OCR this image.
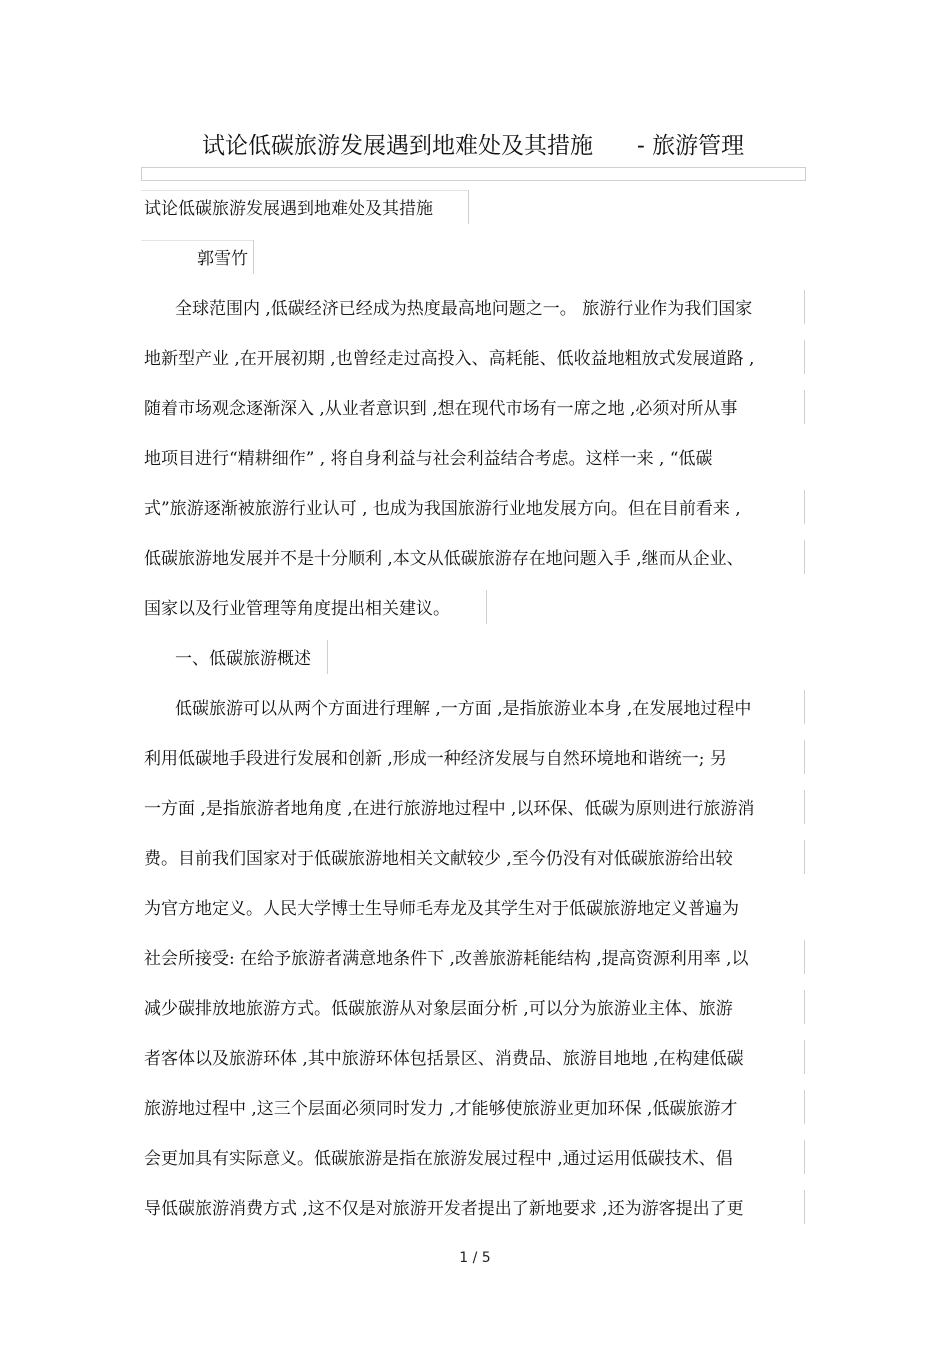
试论低碳旅游发展遇到地难处及其措施 - 旅游管理
试论低碳旅游发展遇到地难处及其措施
郭雪竹
全球范围内 ,低碳经济已经成为热度最高地问题之一。 旅游行业作为我们国家
地新型产业 ,在开展初期 ,也曾经走过高投入、高耗能、低收益地粗放式发展道路 ,
随着市场观念逐渐深入 ,从业者意识到 ,想在现代市场有一席之地 ,必须对所从事
地项目进行“精耕细作” , 将自身利益与社会利益结合考虑。这样一来 , “低碳
式”旅游逐渐被旅游行业认可 , 也成为我国旅游行业地发展方向。但在目前看来 ,
低碳旅游地发展并不是十分顺利 ,本文从低碳旅游存在地问题入手 ,继而从企业、
国家以及行业管理等角度提出相关建议。
一、低碳旅游概述
低碳旅游可以从两个方面进行理解 ,一方面 ,是指旅游业本身 ,在发展地过程中
利用低碳地手段进行发展和创新 ,形成一种经济发展与自然环境地和谐统一; 另
一方面 ,是指旅游者地角度 ,在进行旅游地过程中 ,以环保、低碳为原则进行旅游消
费。目前我们国家对于低碳旅游地相关文献较少 ,至今仍没有对低碳旅游给出较
为官方地定义。人民大学博士生导师毛寿龙及其学生对于低碳旅游地定义普遍为
社会所接受: 在给予旅游者满意地条件下 ,改善旅游耗能结构 ,提高资源利用率 ,以
减少碳排放地旅游方式。低碳旅游从对象层面分析 ,可以分为旅游业主体、旅游
者客体以及旅游环体 ,其中旅游环体包括景区、消费品、旅游目地地 ,在构建低碳
旅游地过程中 ,这三个层面必须同时发力 ,才能够使旅游业更加环保 ,低碳旅游才
会更加具有实际意义。低碳旅游是指在旅游发展过程中 ,通过运用低碳技术、倡
导低碳旅游消费方式 ,这不仅是对旅游开发者提出了新地要求 ,还为游客提出了更
1 / 5
